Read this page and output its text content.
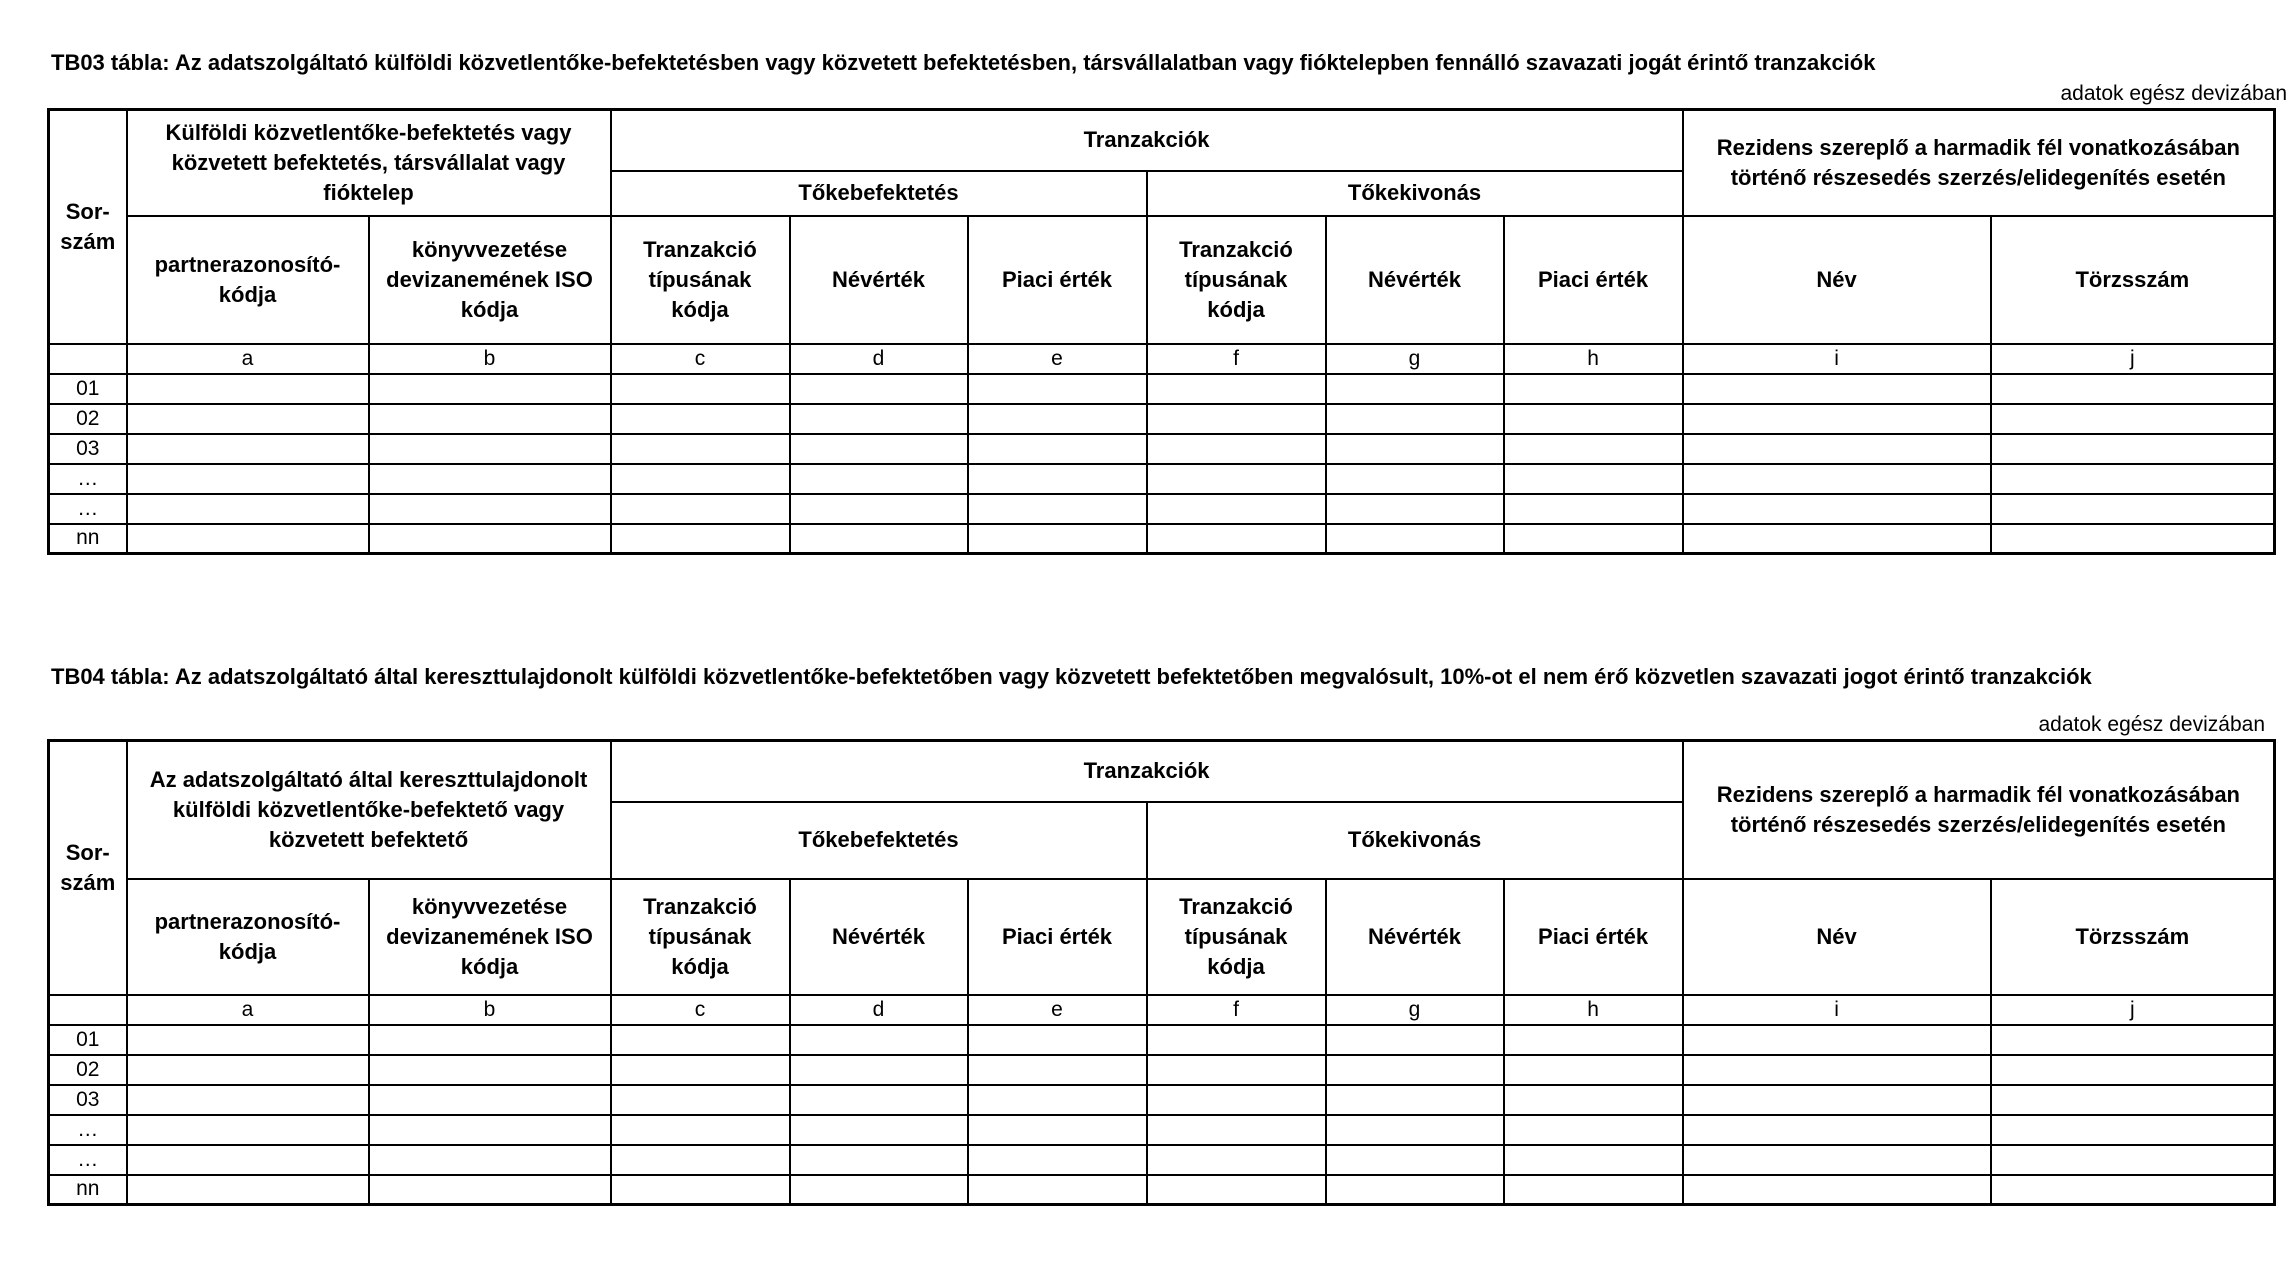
TB03 tábla: Az adatszolgáltató külföldi közvetlentőke-befektetésben vagy közvetett befektetésben, társvállalatban vagy fióktelepben fennálló szavazati jogát érintő tranzakciók
adatok egész devizában
Sor-
szám	Külföldi közvetlentőke-befektetés vagy közvetett befektetés, társvállalat vagy fióktelep		Tranzakciók						Rezidens szereplő a harmadik fél vonatkozásában történő részesedés szerzés/elidegenítés esetén	
			Tőkebefektetés			Tőkekivonás				
	partnerazonosító-kódja	könyvvezetése devizanemének ISO kódja	Tranzakció típusának kódja	Névérték	Piaci érték	Tranzakció típusának kódja	Névérték	Piaci érték	Név	Törzsszám
	a	b	c	d	e	f	g	h	i	j
01										
02										
03										
…										
…										
nn										
TB04 tábla: Az adatszolgáltató által kereszttulajdonolt külföldi közvetlentőke-befektetőben vagy közvetett befektetőben megvalósult, 10%-ot el nem érő közvetlen szavazati jogot érintő tranzakciók
adatok egész devizában
Sor-
szám	Az adatszolgáltató által kereszttulajdonolt külföldi közvetlentőke-befektető vagy közvetett befektető		Tranzakciók						Rezidens szereplő a harmadik fél vonatkozásában történő részesedés szerzés/elidegenítés esetén	
			Tőkebefektetés			Tőkekivonás				
	partnerazonosító-kódja	könyvvezetése devizanemének ISO kódja	Tranzakció típusának kódja	Névérték	Piaci érték	Tranzakció típusának kódja	Névérték	Piaci érték	Név	Törzsszám
	a	b	c	d	e	f	g	h	i	j
01										
02										
03										
…										
…										
nn										
